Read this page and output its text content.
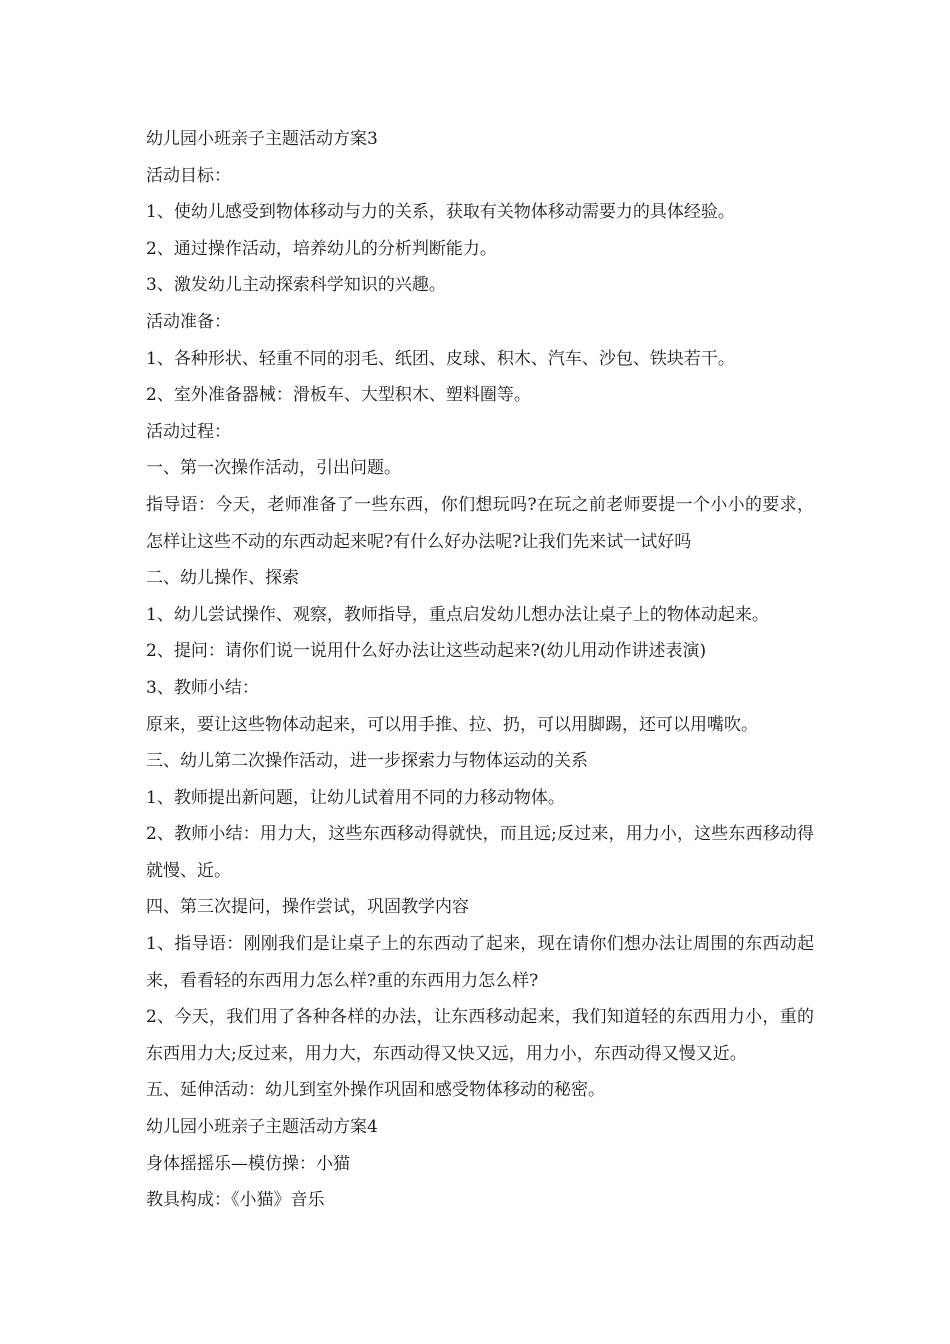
幼儿园小班亲子主题活动方案3
活动目标：
1、使幼儿感受到物体移动与力的关系，获取有关物体移动需要力的具体经验。
2、通过操作活动，培养幼儿的分析判断能力。
3、激发幼儿主动探索科学知识的兴趣。
活动准备：
1、各种形状、轻重不同的羽毛、纸团、皮球、积木、汽车、沙包、铁块若干。
2、室外准备器械：滑板车、大型积木、塑料圈等。
活动过程：
一、第一次操作活动，引出问题。
指导语：今天，老师准备了一些东西，你们想玩吗?在玩之前老师要提一个小小的要求，怎样让这些不动的东西动起来呢?有什么好办法呢?让我们先来试一试好吗
二、幼儿操作、探索
1、幼儿尝试操作、观察，教师指导，重点启发幼儿想办法让桌子上的物体动起来。
2、提问：请你们说一说用什么好办法让这些动起来?(幼儿用动作讲述表演)
3、教师小结：
原来，要让这些物体动起来，可以用手推、拉、扔，可以用脚踢，还可以用嘴吹。
三、幼儿第二次操作活动，进一步探索力与物体运动的关系
1、教师提出新问题，让幼儿试着用不同的力移动物体。
2、教师小结：用力大，这些东西移动得就快，而且远;反过来，用力小，这些东西移动得就慢、近。
四、第三次提问，操作尝试，巩固教学内容
1、指导语：刚刚我们是让桌子上的东西动了起来，现在请你们想办法让周围的东西动起来，看看轻的东西用力怎么样?重的东西用力怎么样?
2、今天，我们用了各种各样的办法，让东西移动起来，我们知道轻的东西用力小，重的东西用力大;反过来，用力大，东西动得又快又远，用力小，东西动得又慢又近。
五、延伸活动：幼儿到室外操作巩固和感受物体移动的秘密。
幼儿园小班亲子主题活动方案4
身体摇摇乐—模仿操：小猫
教具构成：《小猫》音乐
